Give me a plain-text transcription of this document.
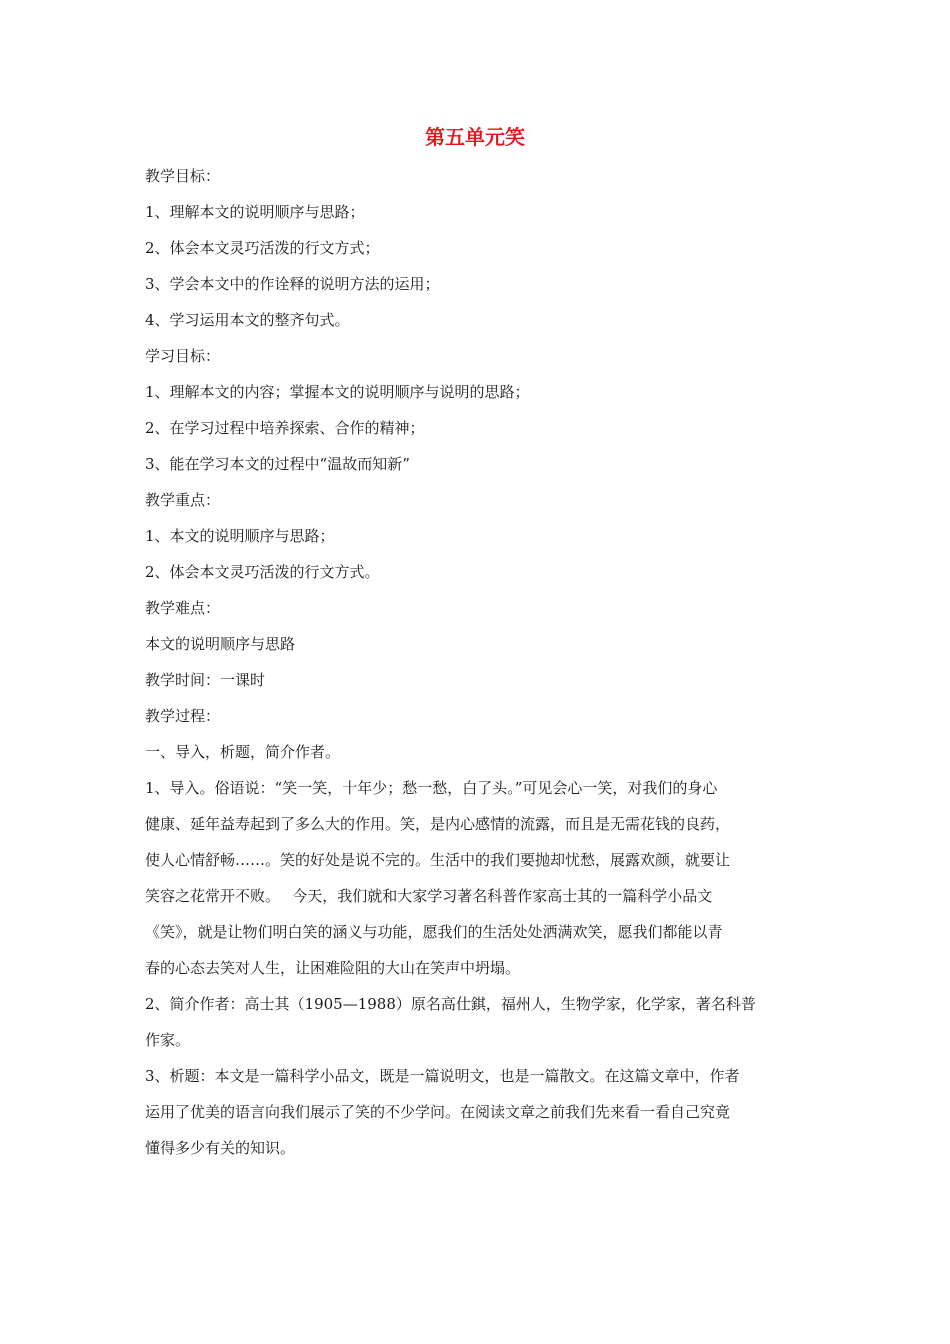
第五单元笑
教学目标：
1、理解本文的说明顺序与思路；
2、体会本文灵巧活泼的行文方式；
3、学会本文中的作诠释的说明方法的运用；
4、学习运用本文的整齐句式。
学习目标：
1、理解本文的内容；掌握本文的说明顺序与说明的思路；
2、在学习过程中培养探索、合作的精神；
3、能在学习本文的过程中“温故而知新”
教学重点：
1、本文的说明顺序与思路；
2、体会本文灵巧活泼的行文方式。
教学难点：
本文的说明顺序与思路
教学时间：一课时
教学过程：
一、导入，析题，简介作者。
1、导入。俗语说：“笑一笑，十年少；愁一愁，白了头。”可见会心一笑，对我们的身心
健康、延年益寿起到了多么大的作用。笑，是内心感情的流露，而且是无需花钱的良药，
使人心情舒畅……。笑的好处是说不完的。生活中的我们要抛却忧愁，展露欢颜，就要让
笑容之花常开不败。　 今天，我们就和大家学习著名科普作家高士其的一篇科学小品文
《笑》，就是让物们明白笑的涵义与功能，愿我们的生活处处洒满欢笑，愿我们都能以青
春的心态去笑对人生，让困难险阻的大山在笑声中坍塌。
2、简介作者：高士其（1905—1988）原名高仕錤，福州人，生物学家，化学家，著名科普
作家。
3、析题：本文是一篇科学小品文，既是一篇说明文，也是一篇散文。在这篇文章中，作者
运用了优美的语言向我们展示了笑的不少学问。在阅读文章之前我们先来看一看自己究竟
懂得多少有关的知识。
